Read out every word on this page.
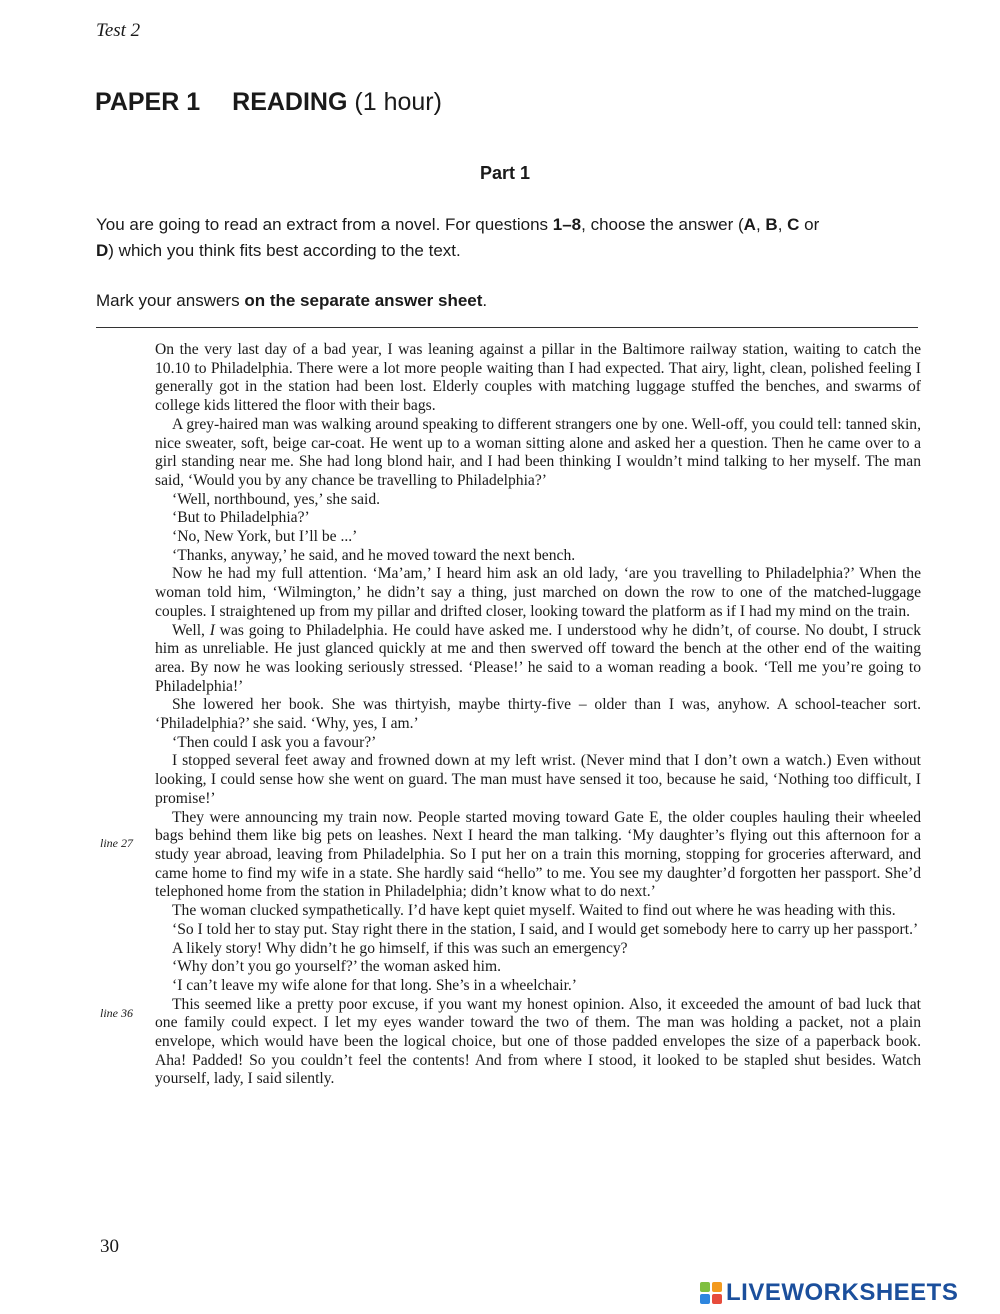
Test 2
PAPER 1 READING (1 hour)
Part 1

You are going to read an extract from a novel. For questions 1–8, choose the answer (A, B, C or
D) which you think fits best according to the text.

Mark your answers on the separate answer sheet.

On the very last day of a bad year, I was leaning against a pillar in the Baltimore railway station, waiting to catch the 10.10 to Philadelphia. There were a lot more people waiting than I had expected. That airy, light, clean, polished feeling I generally got in the station had been lost. Elderly couples with matching luggage stuffed the benches, and swarms of college kids littered the floor with their bags.

A grey-haired man was walking around speaking to different strangers one by one. Well-off, you could tell: tanned skin, nice sweater, soft, beige car-coat. He went up to a woman sitting alone and asked her a question. Then he came over to a girl standing near me. She had long blond hair, and I had been thinking I wouldn’t mind talking to her myself. The man said, ‘Would you by any chance be travelling to Philadelphia?’

‘Well, northbound, yes,’ she said.

‘But to Philadelphia?’

‘No, New York, but I’ll be ...’

‘Thanks, anyway,’ he said, and he moved toward the next bench.

Now he had my full attention. ‘Ma’am,’ I heard him ask an old lady, ‘are you travelling to Philadelphia?’ When the woman told him, ‘Wilmington,’ he didn’t say a thing, just marched on down the row to one of the matched-luggage couples. I straightened up from my pillar and drifted closer, looking toward the platform as if I had my mind on the train.

Well, I was going to Philadelphia. He could have asked me. I understood why he didn’t, of course. No doubt, I struck him as unreliable. He just glanced quickly at me and then swerved off toward the bench at the other end of the waiting area. By now he was looking seriously stressed. ‘Please!’ he said to a woman reading a book. ‘Tell me you’re going to Philadelphia!’

She lowered her book. She was thirtyish, maybe thirty-five – older than I was, anyhow. A school-teacher sort. ‘Philadelphia?’ she said. ‘Why, yes, I am.’

‘Then could I ask you a favour?’

I stopped several feet away and frowned down at my left wrist. (Never mind that I don’t own a watch.) Even without looking, I could sense how she went on guard. The man must have sensed it too, because he said, ‘Nothing too difficult, I promise!’

They were announcing my train now. People started moving toward Gate E, the older couples hauling their wheeled bags behind them like big pets on leashes. Next I heard the man talking. ‘My daughter’s flying out this afternoon for a study year abroad, leaving from Philadelphia. So I put her on a train this morning, stopping for groceries afterward, and came home to find my wife in a state. She hardly said “hello” to me. You see my daughter’d forgotten her passport. She’d telephoned home from the station in Philadelphia; didn’t know what to do next.’

The woman clucked sympathetically. I’d have kept quiet myself. Waited to find out where he was heading with this.

‘So I told her to stay put. Stay right there in the station, I said, and I would get somebody here to carry up her passport.’

A likely story! Why didn’t he go himself, if this was such an emergency?

‘Why don’t you go yourself?’ the woman asked him.

‘I can’t leave my wife alone for that long. She’s in a wheelchair.’

This seemed like a pretty poor excuse, if you want my honest opinion. Also, it exceeded the amount of bad luck that one family could expect. I let my eyes wander toward the two of them. The man was holding a packet, not a plain envelope, which would have been the logical choice, but one of those padded envelopes the size of a paperback book. Aha! Padded! So you couldn’t feel the contents! And from where I stood, it looked to be stapled shut besides. Watch yourself, lady, I said silently.

line 27
line 36
30
LIVEWORKSHEETS
